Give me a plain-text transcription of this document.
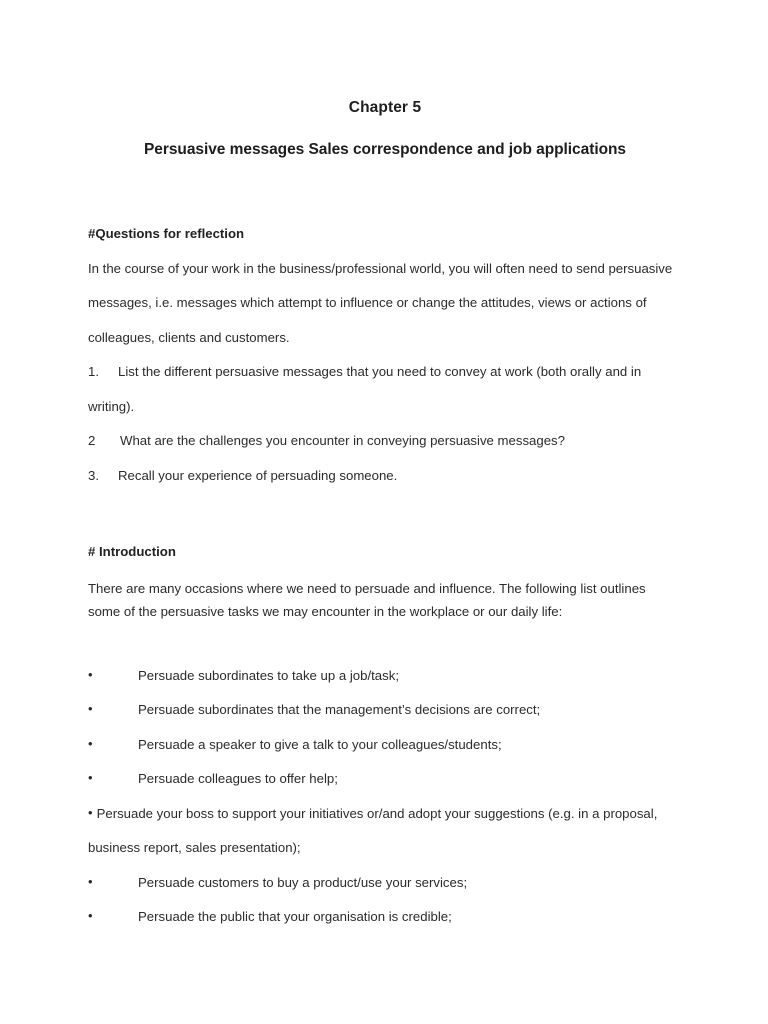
Chapter 5
Persuasive messages Sales correspondence and job applications
#Questions for reflection

In the course of your work in the business/professional world, you will often need to send persuasive messages, i.e. messages which attempt to influence or change the attitudes, views or actions of colleagues, clients and customers.

1. List the different persuasive messages that you need to convey at work (both orally and in writing).
2 What are the challenges you encounter in conveying persuasive messages?
3. Recall your experience of persuading someone.
# Introduction

There are many occasions where we need to persuade and influence. The following list outlines some of the persuasive tasks we may encounter in the workplace or our daily life:

•	Persuade subordinates to take up a job/task;
•	Persuade subordinates that the management’s decisions are correct;
•	Persuade a speaker to give a talk to your colleagues/students;
•	Persuade colleagues to offer help;
• Persuade your boss to support your initiatives or/and adopt your suggestions (e.g. in a proposal, business report, sales presentation);
•	Persuade customers to buy a product/use your services;
•	Persuade the public that your organisation is credible;
